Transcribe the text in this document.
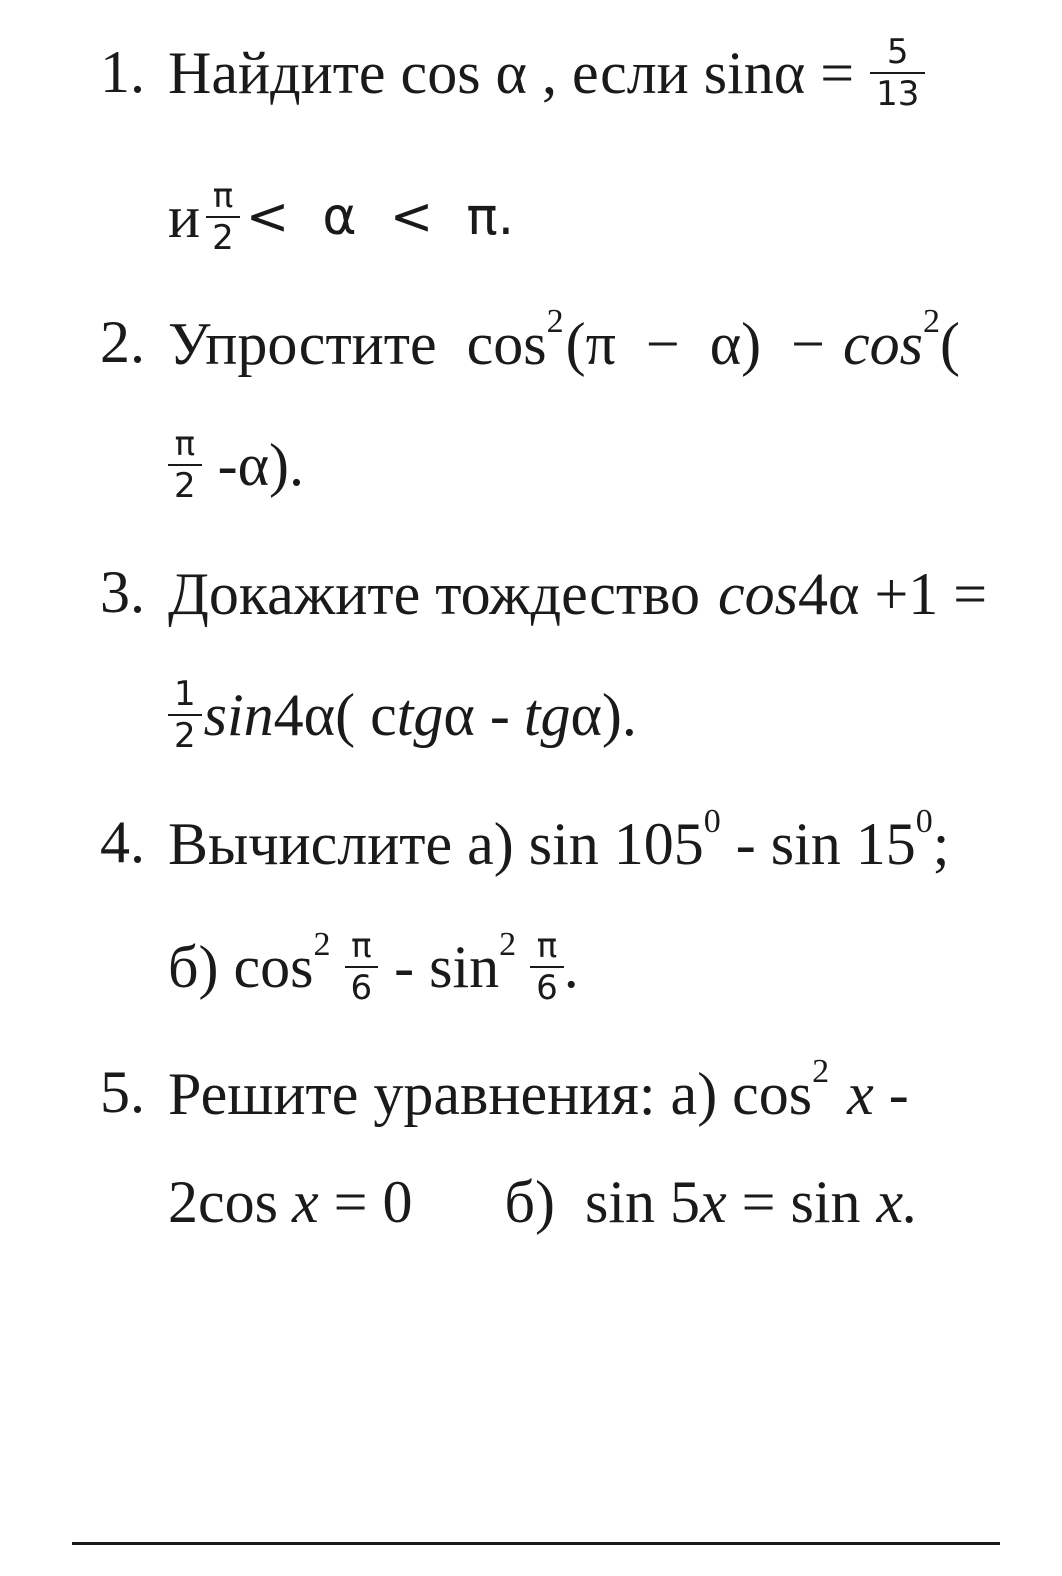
1. Найдите cos α , если $\sin\alpha = \frac{5}{13}$
и $\frac{\pi}{2} < \alpha < \pi$.
2. Упростите  $\cos^2 (\pi - \alpha) - \cos^2$ (
$\frac{\pi}{2} -\alpha$).
3. Докажите тождество cos 4α +1 =
$\frac{1}{2}$ sin 4α( c tg α - tg α).
4. Вычислите а) $\sin 105^0$ - $\sin 15^0$ ;
б) $\cos^2 \frac{\pi}{6} - \sin^2 \frac{\pi}{6}$ .
5. Решите уравнения: а) $\cos^2 x$ -
2cos x = 0 б)  sin 5 x = sin x.
